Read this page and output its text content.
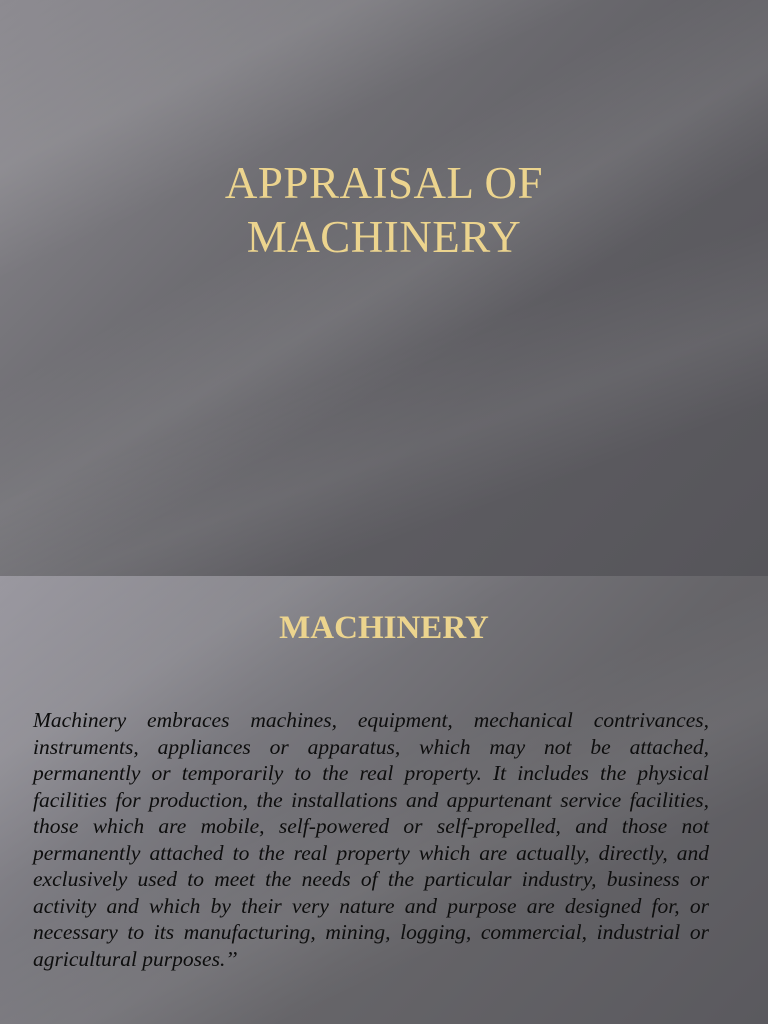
APPRAISAL OF
MACHINERY
MACHINERY

Machinery embraces machines, equipment, mechanical contrivances, instruments, appliances or apparatus, which may not be attached, permanently or temporarily to the real property. It includes the physical facilities for production, the installations and appurtenant service facilities, those which are mobile, self-powered or self-propelled, and those not permanently attached to the real property which are actually, directly, and exclusively used to meet the needs of the particular industry, business or activity and which by their very nature and purpose are designed for, or necessary to its manufacturing, mining, logging, commercial, industrial or agricultural purposes.’’
